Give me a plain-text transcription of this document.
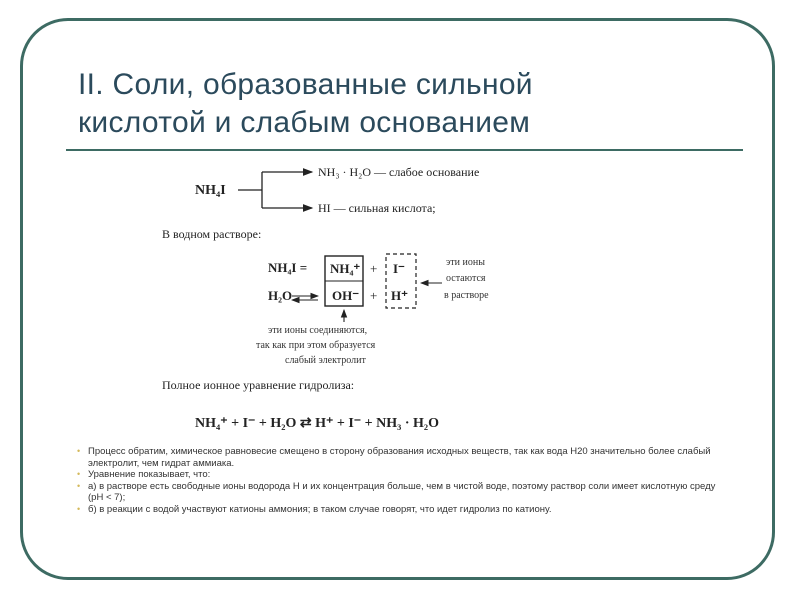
II. Соли, образованные сильной
кислотой и слабым основанием
NH₄I
NH₃ · H₂O — слабое основание
HI — сильная кислота;
В водном растворе:
NH₄I =
H₂O
NH₄⁺
OH⁻
+
+
I⁻
H⁺
эти ионы
остаются
в растворе
эти ионы соединяются,
так как при этом образуется
слабый электролит
Полное ионное уравнение гидролиза:
NH₄⁺ + I⁻ + H₂O ⇄ H⁺ + I⁻ + NH₃ · H₂O
• Процесс обратим, химическое равновесие смещено в сторону образования исходных веществ, так как вода H20 значительно более слабый электролит, чем гидрат аммиака.
• Уравнение показывает, что:
• а) в растворе есть свободные ионы водорода H и их концентрация больше, чем в чистой воде, поэтому раствор соли имеет кислотную среду (pH < 7);
• б) в реакции с водой участвуют катионы аммония; в таком случае говорят, что идет гидролиз по катиону.
